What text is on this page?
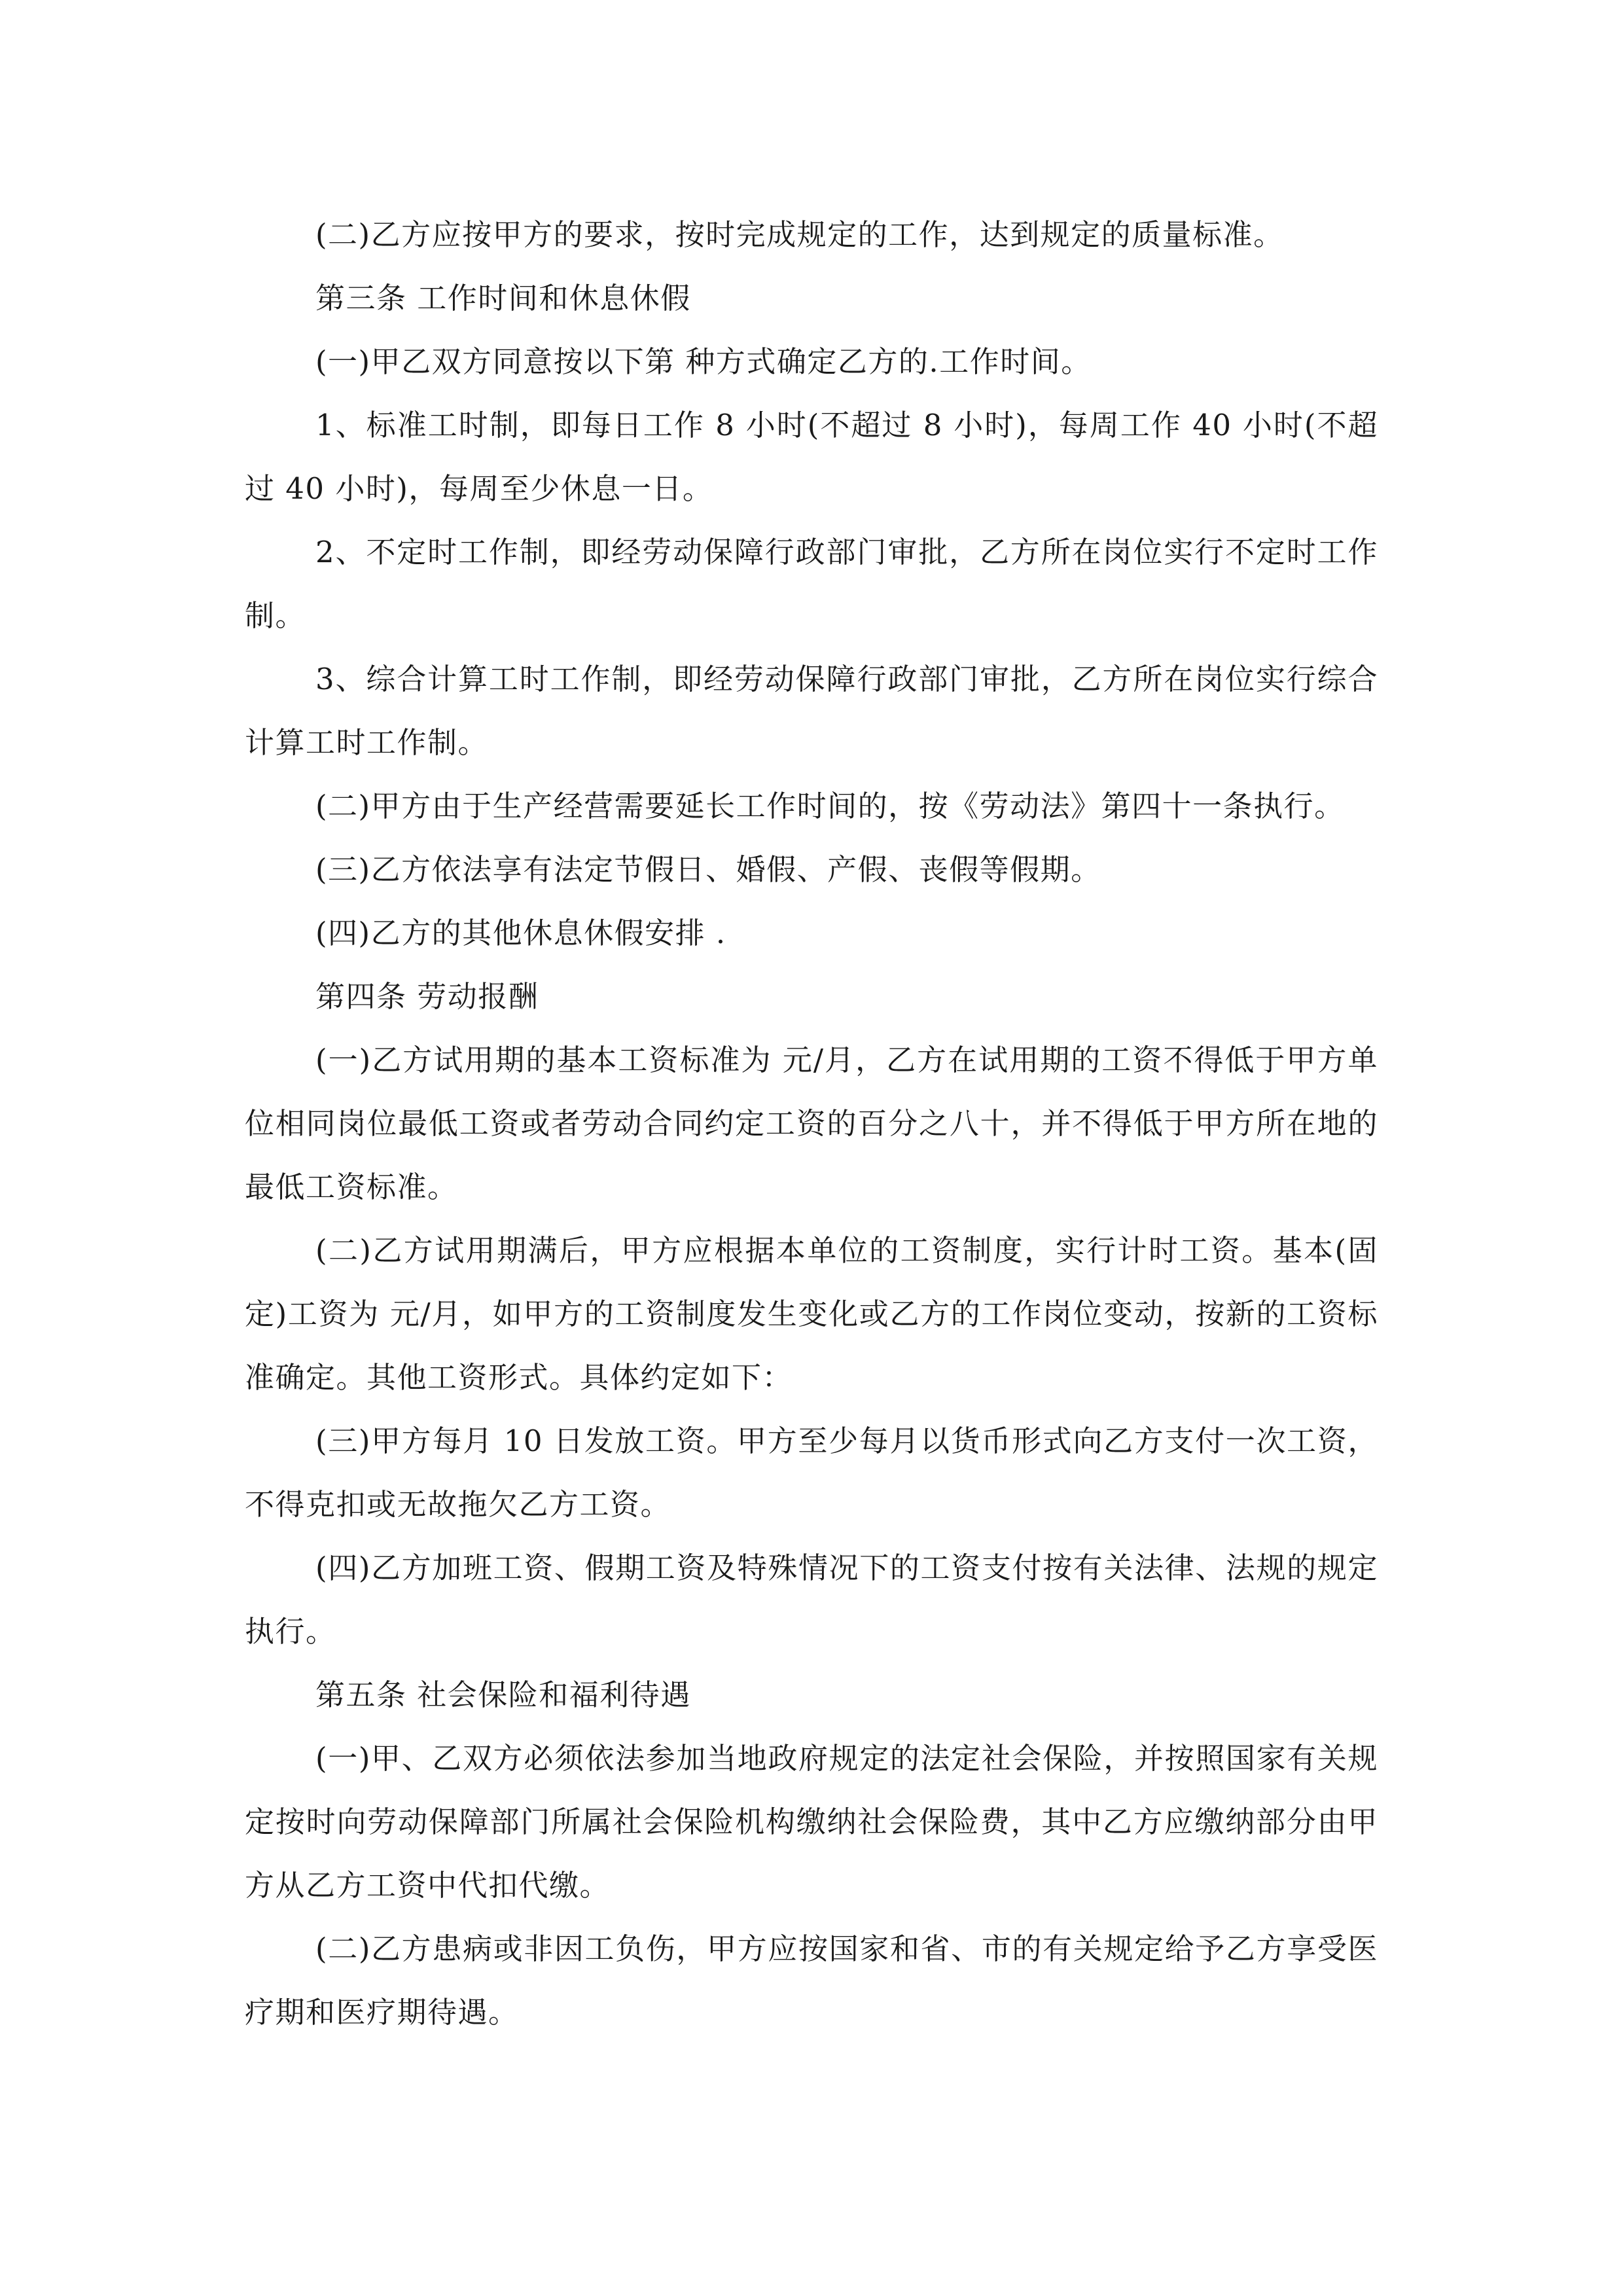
(二)乙方应按甲方的要求，按时完成规定的工作，达到规定的质量标准。

第三条 工作时间和休息休假

(一)甲乙双方同意按以下第 种方式确定乙方的.工作时间。

1、标准工时制，即每日工作 8 小时(不超过 8 小时)，每周工作 40 小时(不超过 40 小时)，每周至少休息一日。

2、不定时工作制，即经劳动保障行政部门审批，乙方所在岗位实行不定时工作制。

3、综合计算工时工作制，即经劳动保障行政部门审批，乙方所在岗位实行综合计算工时工作制。

(二)甲方由于生产经营需要延长工作时间的，按《劳动法》第四十一条执行。

(三)乙方依法享有法定节假日、婚假、产假、丧假等假期。

(四)乙方的其他休息休假安排 .

第四条 劳动报酬

(一)乙方试用期的基本工资标准为 元/月，乙方在试用期的工资不得低于甲方单位相同岗位最低工资或者劳动合同约定工资的百分之八十，并不得低于甲方所在地的最低工资标准。

(二)乙方试用期满后，甲方应根据本单位的工资制度，实行计时工资。基本(固定)工资为 元/月，如甲方的工资制度发生变化或乙方的工作岗位变动，按新的工资标准确定。其他工资形式。具体约定如下：

(三)甲方每月 10 日发放工资。甲方至少每月以货币形式向乙方支付一次工资，不得克扣或无故拖欠乙方工资。

(四)乙方加班工资、假期工资及特殊情况下的工资支付按有关法律、法规的规定执行。

第五条 社会保险和福利待遇

(一)甲、乙双方必须依法参加当地政府规定的法定社会保险，并按照国家有关规定按时向劳动保障部门所属社会保险机构缴纳社会保险费，其中乙方应缴纳部分由甲方从乙方工资中代扣代缴。

(二)乙方患病或非因工负伤，甲方应按国家和省、市的有关规定给予乙方享受医疗期和医疗期待遇。
